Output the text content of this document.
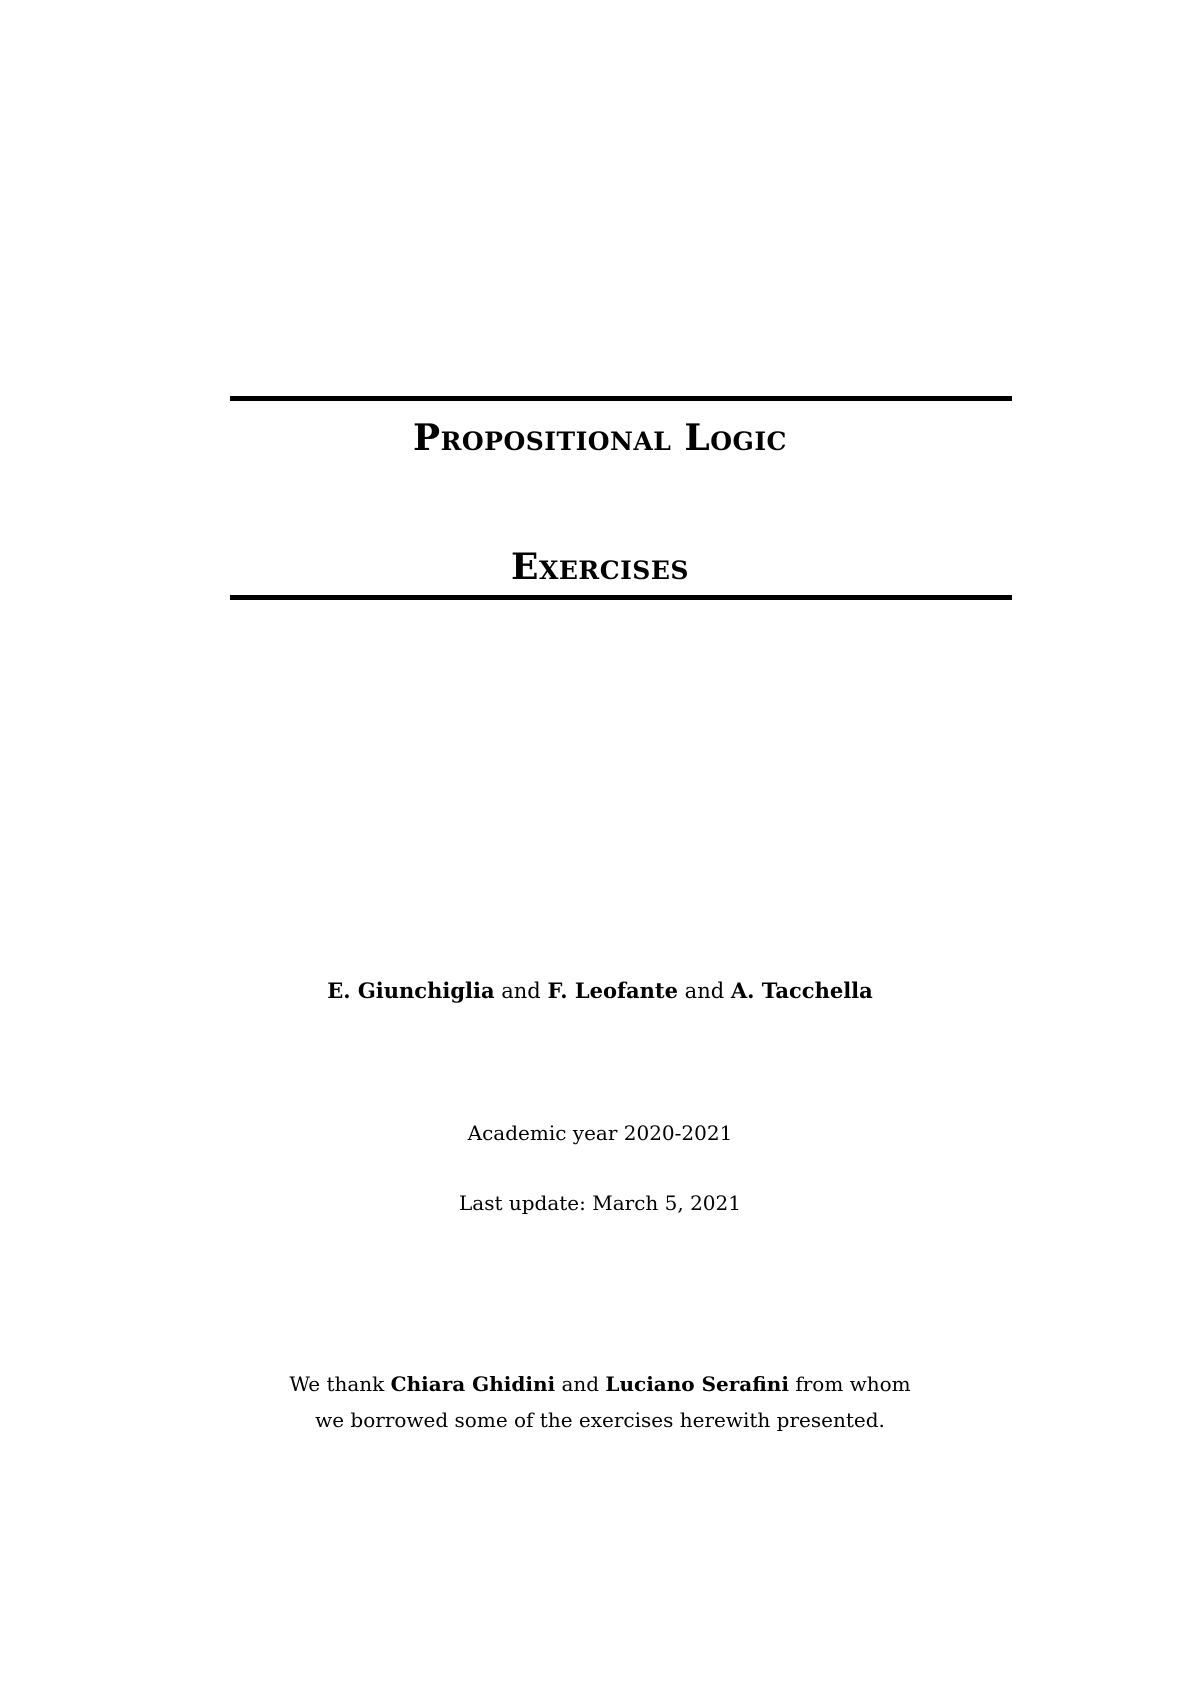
Propositional Logic
Exercises
E. Giunchiglia and F. Leofante and A. Tacchella
Academic year 2020-2021
Last update: March 5, 2021
We thank Chiara Ghidini and Luciano Serafini from whom
we borrowed some of the exercises herewith presented.
